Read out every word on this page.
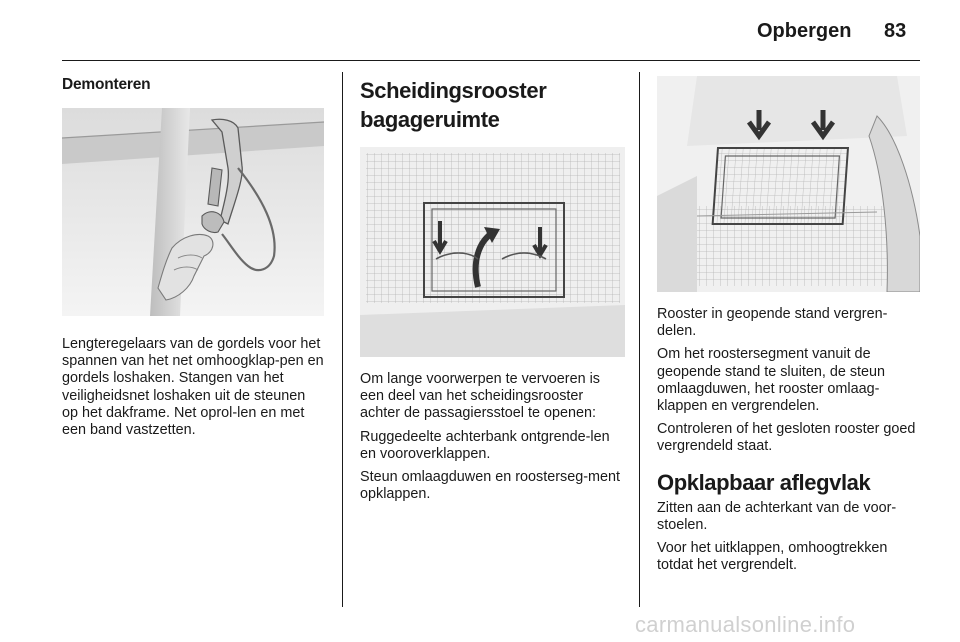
Opbergen 83
Demonteren

Lengteregelaars van de gordels voor het spannen van het net omhoogklap-pen en gordels loshaken. Stangen van het veiligheidsnet loshaken uit de steunen op het dakframe. Net oprol-len en met een band vastzetten.

Scheidingsrooster
bagageruimte

Om lange voorwerpen te vervoeren is een deel van het scheidingsrooster achter de passagiersstoel te openen:

Ruggedeelte achterbank ontgrende-len en vooroverklappen.

Steun omlaagduwen en roosterseg-ment opklappen.

Rooster in geopende stand vergren-delen.

Om het roostersegment vanuit de geopende stand te sluiten, de steun omlaagduwen, het rooster omlaag-klappen en vergrendelen.

Controleren of het gesloten rooster goed vergrendeld staat.

Opklapbaar aflegvlak

Zitten aan de achterkant van de voor-stoelen.

Voor het uitklappen, omhoogtrekken totdat het vergrendelt.

carmanualsonline.info
